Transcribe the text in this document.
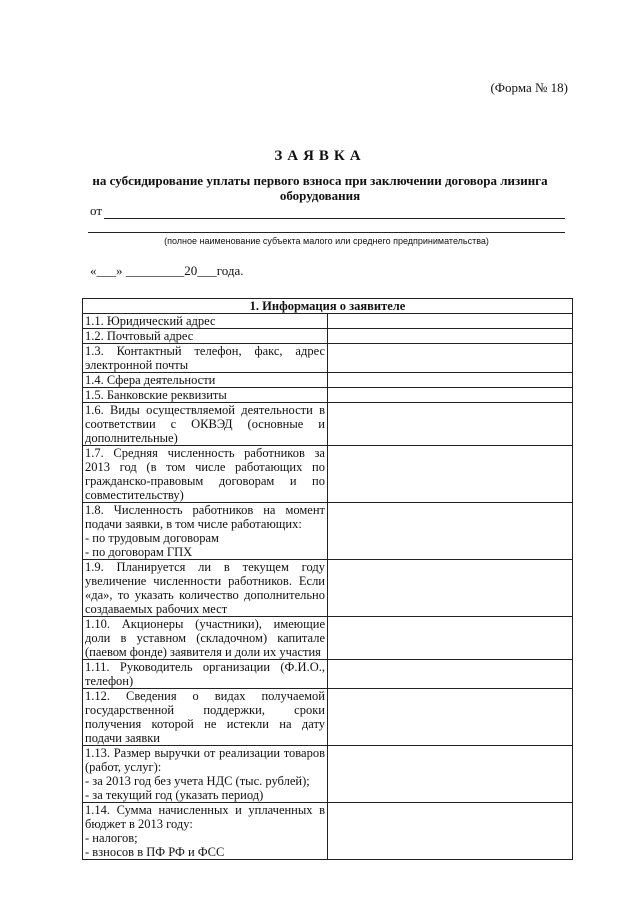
(Форма № 18)
ЗАЯВКА
на субсидирование уплаты первого взноса при заключении договора лизинга оборудования
от
(полное наименование субъекта малого или среднего предпринимательства)
«___» _________20___года.
1. Информация о заявителе	
1.1. Юридический адрес	
1.2. Почтовый адрес	
1.3. Контактный телефон, факс, адрес электронной почты	
1.4. Сфера деятельности	
1.5. Банковские реквизиты	
1.6. Виды осуществляемой деятельности в соответствии с ОКВЭД (основные и дополнительные)	
1.7. Средняя численность работников за 2013 год (в том числе работающих по гражданско-правовым договорам и по совместительству)	
1.8. Численность работников на момент подачи заявки, в том числе работающих:
- по трудовым договорам
- по договорам ГПХ	
1.9. Планируется ли в текущем году увеличение численности работников. Если «да», то указать количество дополнительно создаваемых рабочих мест	
1.10. Акционеры (участники), имеющие доли в уставном (складочном) капитале (паевом фонде) заявителя и доли их участия	
1.11. Руководитель организации (Ф.И.О., телефон)	
1.12. Сведения о видах получаемой государственной поддержки, сроки получения которой не истекли на дату подачи заявки	
1.13. Размер выручки от реализации товаров (работ, услуг):
- за 2013 год без учета НДС (тыс. рублей);
- за текущий год (указать период)	
1.14. Сумма начисленных и уплаченных в бюджет в 2013 году:
- налогов;
- взносов в ПФ РФ и ФСС	
